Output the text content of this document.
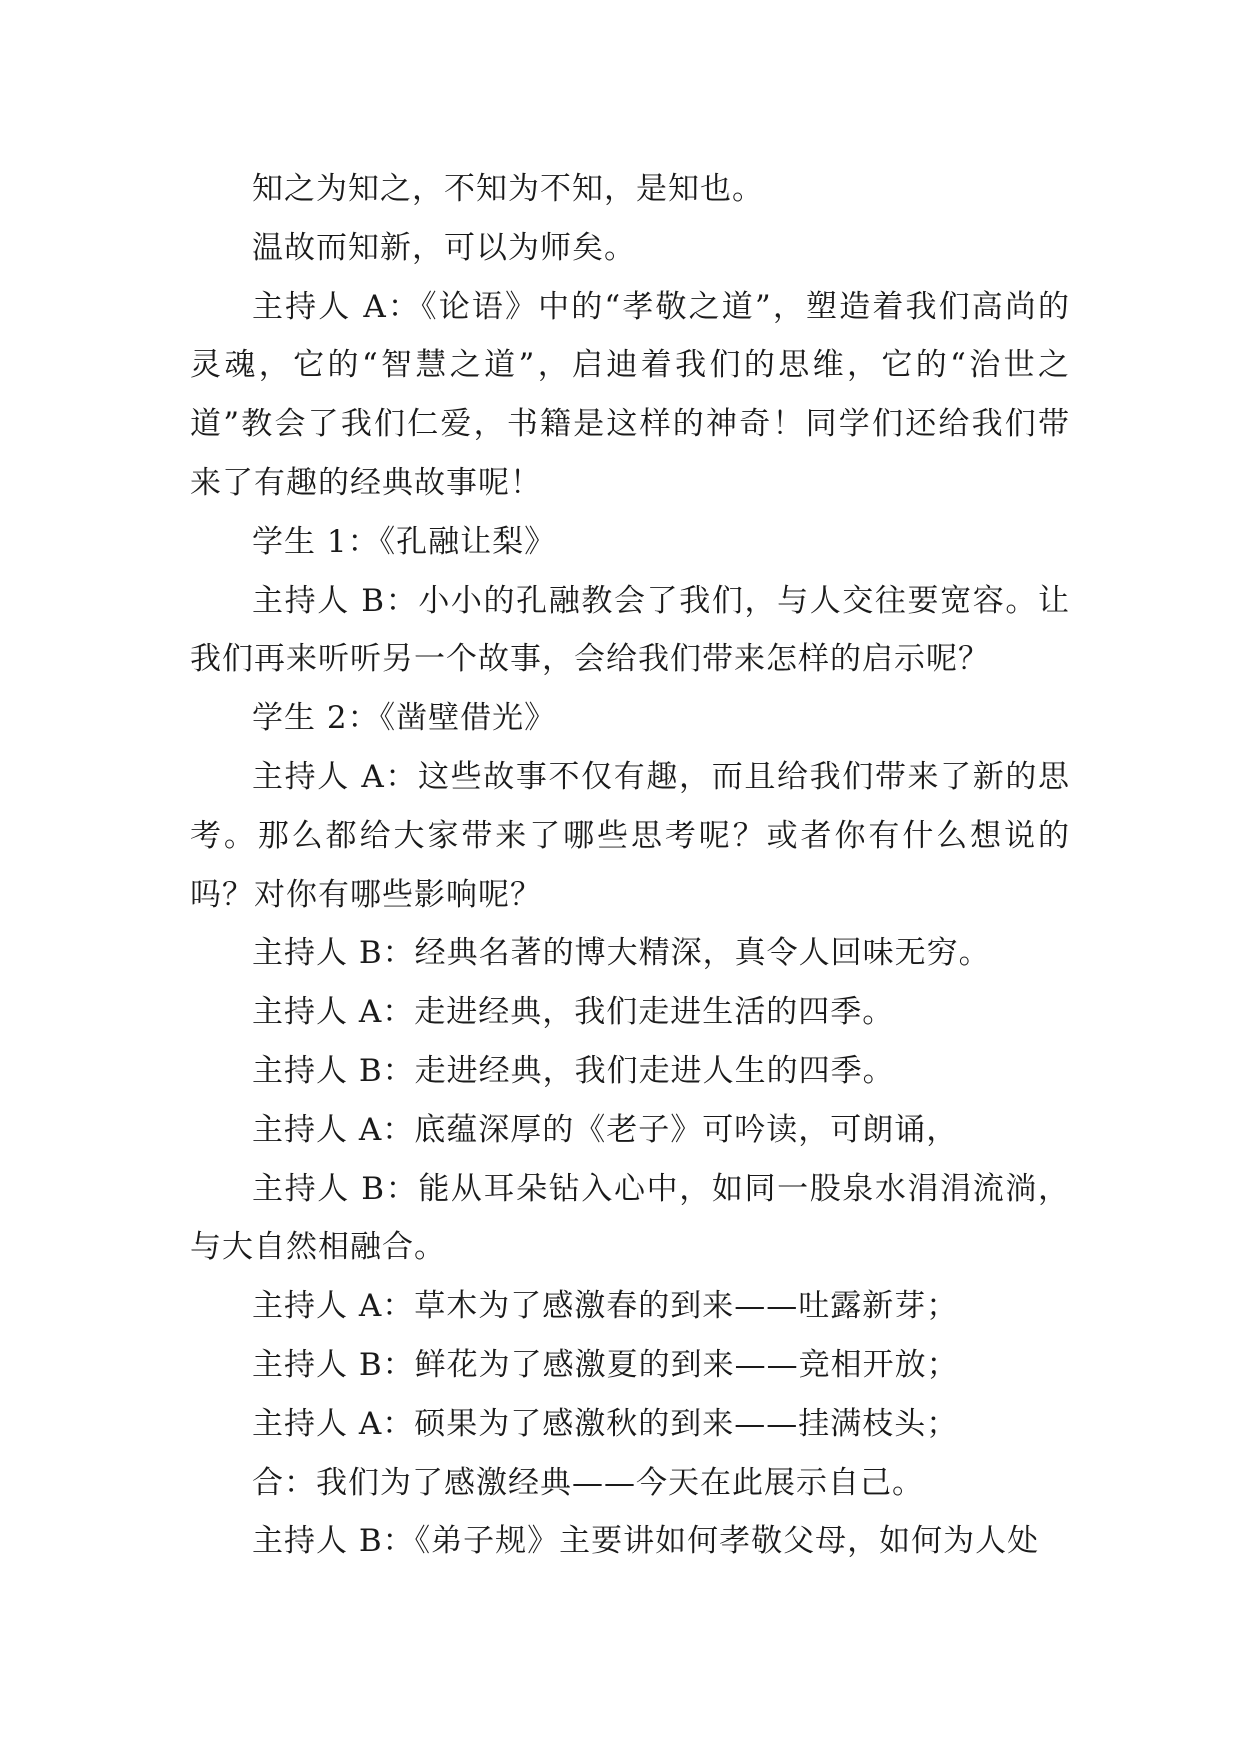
知之为知之，不知为不知，是知也。

温故而知新，可以为师矣。

主持人 A：《论语》中的“孝敬之道”，塑造着我们高尚的灵魂，它的“智慧之道”，启迪着我们的思维，它的“治世之道”教会了我们仁爱，书籍是这样的神奇！同学们还给我们带来了有趣的经典故事呢！

学生 1：《孔融让梨》

主持人 B：小小的孔融教会了我们，与人交往要宽容。让我们再来听听另一个故事，会给我们带来怎样的启示呢？

学生 2：《凿壁借光》

主持人 A：这些故事不仅有趣，而且给我们带来了新的思考。那么都给大家带来了哪些思考呢？或者你有什么想说的吗？对你有哪些影响呢？

主持人 B：经典名著的博大精深，真令人回味无穷。

主持人 A：走进经典，我们走进生活的四季。

主持人 B：走进经典，我们走进人生的四季。

主持人 A：底蕴深厚的《老子》可吟读，可朗诵，

主持人 B：能从耳朵钻入心中，如同一股泉水涓涓流淌，与大自然相融合。

主持人 A：草木为了感激春的到来——吐露新芽；

主持人 B：鲜花为了感激夏的到来——竞相开放；

主持人 A：硕果为了感激秋的到来——挂满枝头；

合：我们为了感激经典——今天在此展示自己。

主持人 B：《弟子规》主要讲如何孝敬父母，如何为人处
